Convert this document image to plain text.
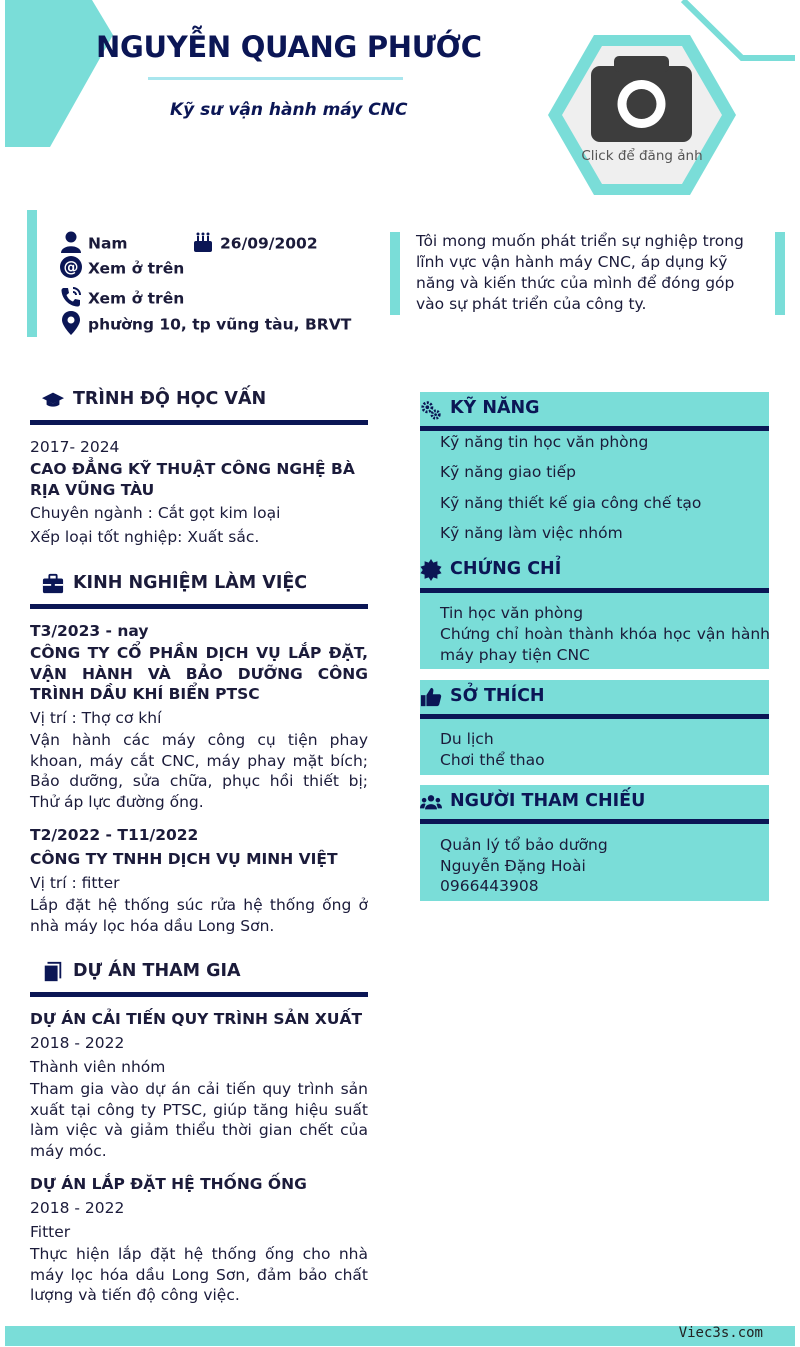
NGUYỄN QUANG PHƯỚC
Kỹ sư vận hành máy CNC
Click để đăng ảnh
Nam	26/09/2002
@ Xem ở trên
Xem ở trên
phường 10, tp vũng tàu, BRVT
Tôi mong muốn phát triển sự nghiệp trong lĩnh vực vận hành máy CNC, áp dụng kỹ năng và kiến thức của mình để đóng góp vào sự phát triển của công ty.
TRÌNH ĐỘ HỌC VẤN
2017- 2024
CAO ĐẲNG KỸ THUẬT CÔNG NGHỆ BÀ RỊA VŨNG TÀU
Chuyên ngành : Cắt gọt kim loại
Xếp loại tốt nghiệp: Xuất sắc.
KINH NGHIỆM LÀM VIỆC
T3/2023 - nay
CÔNG TY CỔ PHẦN DỊCH VỤ LẮP ĐẶT, VẬN HÀNH VÀ BẢO DƯỠNG CÔNG TRÌNH DẦU KHÍ BIỂN PTSC
Vị trí : Thợ cơ khí
Vận hành các máy công cụ tiện phay khoan, máy cắt CNC, máy phay mặt bích; Bảo dưỡng, sửa chữa, phục hồi thiết bị; Thử áp lực đường ống.
T2/2022 - T11/2022
CÔNG TY TNHH DỊCH VỤ MINH VIỆT
Vị trí : fitter
Lắp đặt hệ thống súc rửa hệ thống ống ở nhà máy lọc hóa dầu Long Sơn.
DỰ ÁN THAM GIA
DỰ ÁN CẢI TIẾN QUY TRÌNH SẢN XUẤT
2018 - 2022
Thành viên nhóm
Tham gia vào dự án cải tiến quy trình sản xuất tại công ty PTSC, giúp tăng hiệu suất làm việc và giảm thiểu thời gian chết của máy móc.
DỰ ÁN LẮP ĐẶT HỆ THỐNG ỐNG
2018 - 2022
Fitter
Thực hiện lắp đặt hệ thống ống cho nhà máy lọc hóa dầu Long Sơn, đảm bảo chất lượng và tiến độ công việc.
KỸ NĂNG
Kỹ năng tin học văn phòng
Kỹ năng giao tiếp
Kỹ năng thiết kế gia công chế tạo
Kỹ năng làm việc nhóm
CHỨNG CHỈ
Tin học văn phòng
Chứng chỉ hoàn thành khóa học vận hành máy phay tiện CNC
SỞ THÍCH
Du lịch
Chơi thể thao
NGƯỜI THAM CHIẾU
Quản lý tổ bảo dưỡng
Nguyễn Đặng Hoài
0966443908
Viec3s.com
